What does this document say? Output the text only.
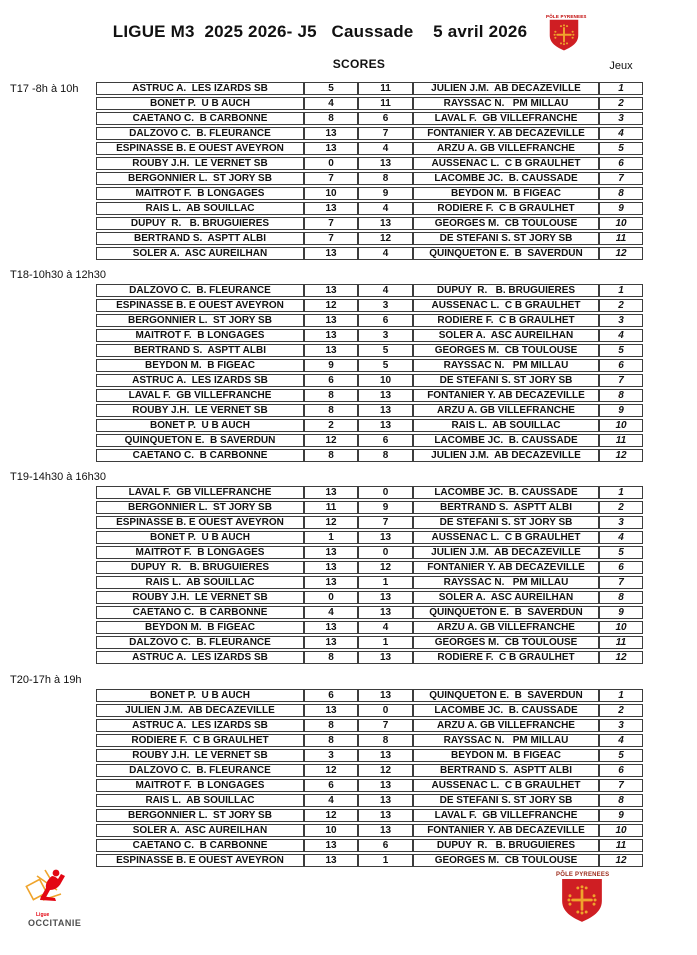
LIGUE M3  2025 2026- J5   Caussade    5 avril 2026
PÔLE PYRENEES
SCORES	Jeux
T17 -8h à 10h	ASTRUC A.  LES IZARDS SB	5	11	JULIEN J.M.  AB DECAZEVILLE	1
BONET P.  U B AUCH	4	11	RAYSSAC N.   PM MILLAU	2
CAETANO C.  B CARBONNE	8	6	LAVAL F.  GB VILLEFRANCHE	3
DALZOVO C.  B. FLEURANCE	13	7	FONTANIER Y. AB DECAZEVILLE	4
ESPINASSE B. E OUEST AVEYRON	13	4	ARZU A. GB VILLEFRANCHE	5
ROUBY J.H.  LE VERNET SB	0	13	AUSSENAC L.  C B GRAULHET	6
BERGONNIER L.  ST JORY SB	7	8	LACOMBE JC.  B. CAUSSADE	7
MAITROT F.  B LONGAGES	10	9	BEYDON M.  B FIGEAC	8
RAIS L.  AB SOUILLAC	13	4	RODIERE F.  C B GRAULHET	9
DUPUY  R.   B. BRUGUIERES	7	13	GEORGES M.  CB TOULOUSE	10
BERTRAND S.  ASPTT ALBI	7	12	DE STEFANI S. ST JORY SB	11
SOLER A.  ASC AUREILHAN	13	4	QUINQUETON E.  B  SAVERDUN	12
T18-10h30 à 12h30
DALZOVO C.  B. FLEURANCE	13	4	DUPUY  R.   B. BRUGUIERES	1
ESPINASSE B. E OUEST AVEYRON	12	3	AUSSENAC L.  C B GRAULHET	2
BERGONNIER L.  ST JORY SB	13	6	RODIERE F.  C B GRAULHET	3
MAITROT F.  B LONGAGES	13	3	SOLER A.  ASC AUREILHAN	4
BERTRAND S.  ASPTT ALBI	13	5	GEORGES M.  CB TOULOUSE	5
BEYDON M.  B FIGEAC	9	5	RAYSSAC N.   PM MILLAU	6
ASTRUC A.  LES IZARDS SB	6	10	DE STEFANI S. ST JORY SB	7
LAVAL F.  GB VILLEFRANCHE	8	13	FONTANIER Y. AB DECAZEVILLE	8
ROUBY J.H.  LE VERNET SB	8	13	ARZU A. GB VILLEFRANCHE	9
BONET P.  U B AUCH	2	13	RAIS L.  AB SOUILLAC	10
QUINQUETON E.  B SAVERDUN	12	6	LACOMBE JC.  B. CAUSSADE	11
CAETANO C.  B CARBONNE	8	8	JULIEN J.M.  AB DECAZEVILLE	12
T19-14h30 à 16h30
LAVAL F.  GB VILLEFRANCHE	13	0	LACOMBE JC.  B. CAUSSADE	1
BERGONNIER L.  ST JORY SB	11	9	BERTRAND S.  ASPTT ALBI	2
ESPINASSE B. E OUEST AVEYRON	12	7	DE STEFANI S. ST JORY SB	3
BONET P.  U B AUCH	1	13	AUSSENAC L.  C B GRAULHET	4
MAITROT F.  B LONGAGES	13	0	JULIEN J.M.  AB DECAZEVILLE	5
DUPUY  R.   B. BRUGUIERES	13	12	FONTANIER Y. AB DECAZEVILLE	6
RAIS L.  AB SOUILLAC	13	1	RAYSSAC N.   PM MILLAU	7
ROUBY J.H.  LE VERNET SB	0	13	SOLER A.  ASC AUREILHAN	8
CAETANO C.  B CARBONNE	4	13	QUINQUETON E.  B  SAVERDUN	9
BEYDON M.  B FIGEAC	13	4	ARZU A. GB VILLEFRANCHE	10
DALZOVO C.  B. FLEURANCE	13	1	GEORGES M.  CB TOULOUSE	11
ASTRUC A.  LES IZARDS SB	8	13	RODIERE F.  C B GRAULHET	12
T20-17h à 19h
BONET P.  U B AUCH	6	13	QUINQUETON E.  B  SAVERDUN	1
JULIEN J.M.  AB DECAZEVILLE	13	0	LACOMBE JC.  B. CAUSSADE	2
ASTRUC A.  LES IZARDS SB	8	7	ARZU A. GB VILLEFRANCHE	3
RODIERE F.  C B GRAULHET	8	8	RAYSSAC N.   PM MILLAU	4
ROUBY J.H.  LE VERNET SB	3	13	BEYDON M.  B FIGEAC	5
DALZOVO C.  B. FLEURANCE	12	12	BERTRAND S.  ASPTT ALBI	6
MAITROT F.  B LONGAGES	6	13	AUSSENAC L.  C B GRAULHET	7
RAIS L.  AB SOUILLAC	4	13	DE STEFANI S. ST JORY SB	8
BERGONNIER L.  ST JORY SB	12	13	LAVAL F.  GB VILLEFRANCHE	9
SOLER A.  ASC AUREILHAN	10	13	FONTANIER Y. AB DECAZEVILLE	10
CAETANO C.  B CARBONNE	13	6	DUPUY  R.   B. BRUGUIERES	11
ESPINASSE B. E OUEST AVEYRON	13	1	GEORGES M.  CB TOULOUSE	12
Ligue
OCCITANIE
PÔLE PYRENEES
